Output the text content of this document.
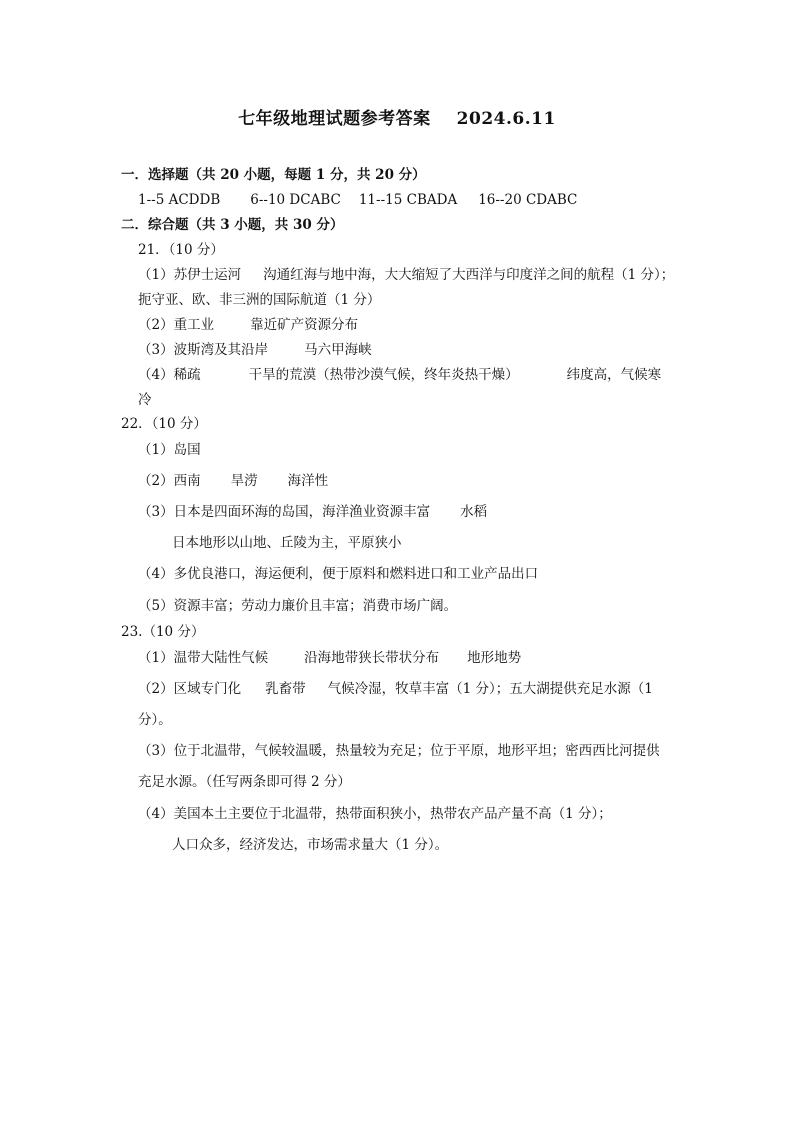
七年级地理试题参考答案 2024.6.11
一．选择题（共 20 小题，每题 1 分，共 20 分）
1--5 ACDDB 6--10 DCABC 11--15 CBADA 16--20 CDABC
二．综合题（共 3 小题，共 30 分）
21．（10 分）
（1）苏伊士运河 沟通红海与地中海，大大缩短了大西洋与印度洋之间的航程（1 分）；
扼守亚、欧、非三洲的国际航道（1 分）
（2）重工业	靠近矿产资源分布
（3）波斯湾及其沿岸	马六甲海峡
（4）稀疏	干旱的荒漠（热带沙漠气候，终年炎热干燥）	纬度高，气候寒
冷
22．（10 分）
（1）岛国
（2）西南 旱涝 海洋性
（3）日本是四面环海的岛国，海洋渔业资源丰富 水稻
日本地形以山地、丘陵为主，平原狭小
（4）多优良港口，海运便利，便于原料和燃料进口和工业产品出口
（5）资源丰富；劳动力廉价且丰富；消费市场广阔。
23.（10 分）
（1）温带大陆性气候	沿海地带狭长带状分布 地形地势
（2）区域专门化 乳畜带 气候冷湿，牧草丰富（1 分）；五大湖提供充足水源（1
分）。
（3）位于北温带，气候较温暖，热量较为充足；位于平原，地形平坦；密西西比河提供
充足水源。（任写两条即可得 2 分）
（4）美国本土主要位于北温带，热带面积狭小，热带农产品产量不高（1 分）；
人口众多，经济发达，市场需求量大（1 分）。
